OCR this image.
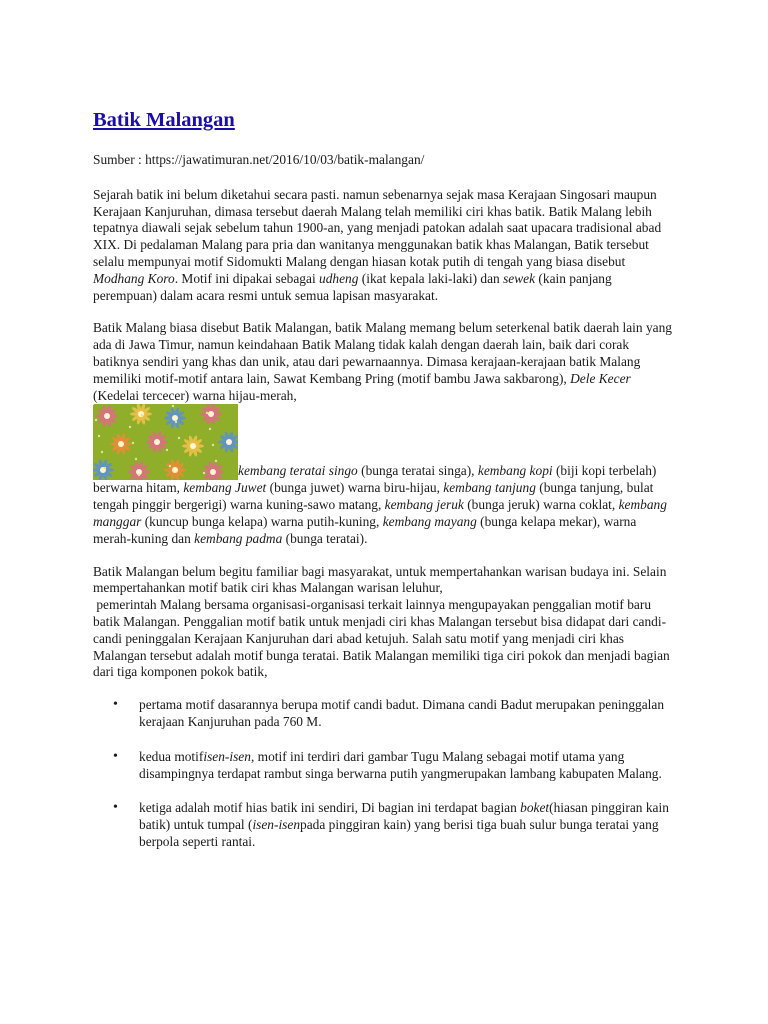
Batik Malangan

Sumber : https://jawatimuran.net/2016/10/03/batik-malangan/

Sejarah batik ini belum diketahui secara pasti. namun sebenarnya sejak masa Kerajaan Singosari maupun Kerajaan Kanjuruhan, dimasa tersebut daerah Malang telah memiliki ciri khas batik. Batik Malang lebih tepatnya diawali sejak sebelum tahun 1900-an, yang menjadi patokan adalah saat upacara tradisional abad XIX. Di pedalaman Malang para pria dan wanitanya menggunakan batik khas Malangan, Batik tersebut selalu mempunyai motif Sidomukti Malang dengan hiasan kotak putih di tengah yang biasa disebut Modhang Koro. Motif ini dipakai sebagai udheng (ikat kepala laki-laki) dan sewek (kain panjang perempuan) dalam acara resmi untuk semua lapisan masyarakat.

Batik Malang biasa disebut Batik Malangan, batik Malang memang belum seterkenal batik daerah lain yang ada di Jawa Timur, namun keindahaan Batik Malang tidak kalah dengan daerah lain, baik dari corak batiknya sendiri yang khas dan unik, atau dari pewarnaannya. Dimasa kerajaan-kerajaan batik Malang memiliki motif-motif antara lain, Sawat Kembang Pring (motif bambu Jawa sakbarong), Dele Kecer (Kedelai tercecer) warna hijau-merah,

kembang teratai singo (bunga teratai singa), kembang kopi (biji kopi terbelah) berwarna hitam, kembang Juwet (bunga juwet) warna biru-hijau, kembang tanjung (bunga tanjung, bulat tengah pinggir bergerigi) warna kuning-sawo matang, kembang jeruk (bunga jeruk) warna coklat, kembang manggar (kuncup bunga kelapa) warna putih-kuning, kembang mayang (bunga kelapa mekar), warna merah-kuning dan kembang padma (bunga teratai).

Batik Malangan belum begitu familiar bagi masyarakat, untuk mempertahankan warisan budaya ini. Selain mempertahankan motif batik ciri khas Malangan warisan leluhur,
pemerintah Malang bersama organisasi-organisasi terkait lainnya mengupayakan penggalian motif baru batik Malangan. Penggalian motif batik untuk menjadi ciri khas Malangan tersebut bisa didapat dari candi-candi peninggalan Kerajaan Kanjuruhan dari abad ketujuh. Salah satu motif yang menjadi ciri khas Malangan tersebut adalah motif bunga teratai. Batik Malangan memiliki tiga ciri pokok dan menjadi bagian dari tiga komponen pokok batik,

• pertama motif dasarannya berupa motif candi badut. Dimana candi Badut merupakan peninggalan kerajaan Kanjuruhan pada 760 M.
• kedua motifisen-isen, motif ini terdiri dari gambar Tugu Malang sebagai motif utama yang disampingnya terdapat rambut singa berwarna putih yangmerupakan lambang kabupaten Malang.
• ketiga adalah motif hias batik ini sendiri, Di bagian ini terdapat bagian boket(hiasan pinggiran kain batik) untuk tumpal (isen-isenpada pinggiran kain) yang berisi tiga buah sulur bunga teratai yang berpola seperti rantai.
